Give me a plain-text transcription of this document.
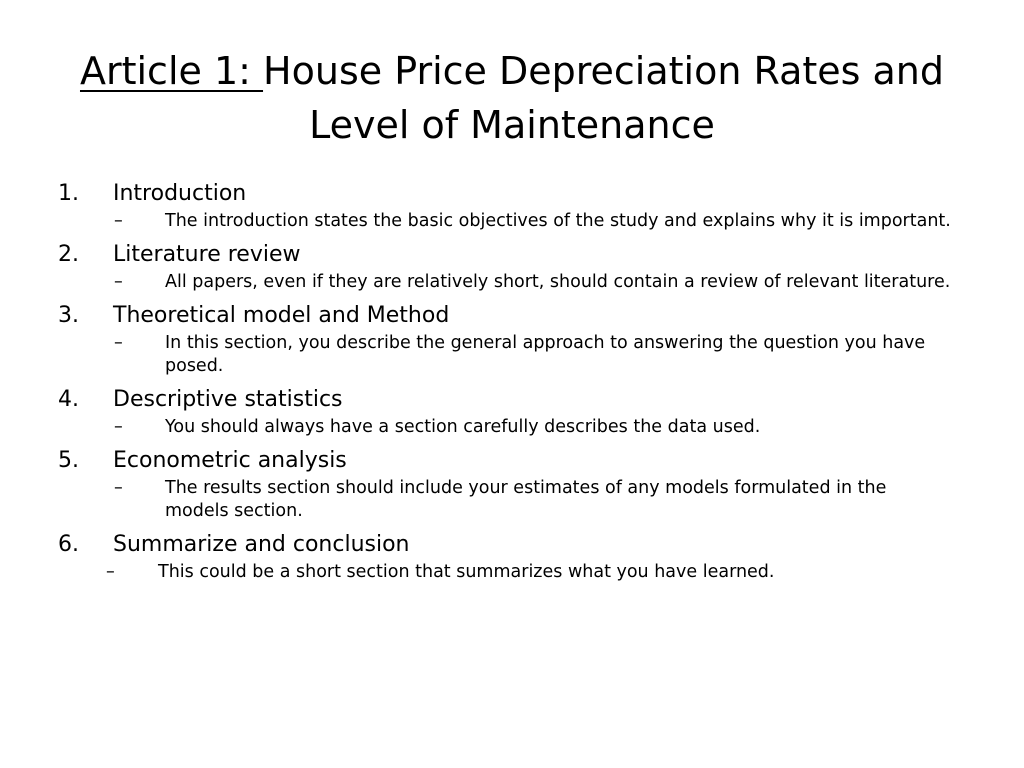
Article 1: House Price Depreciation Rates and Level of Maintenance
1. Introduction
– The introduction states the basic objectives of the study and explains why it is important.
2. Literature review
– All papers, even if they are relatively short, should contain a review of relevant literature.
3. Theoretical model and Method
– In this section, you describe the general approach to answering the question you have posed.
4. Descriptive statistics
– You should always have a section carefully describes the data used.
5. Econometric analysis
– The results section should include your estimates of any models formulated in the models section.
6. Summarize and conclusion
– This could be a short section that summarizes what you have learned.
